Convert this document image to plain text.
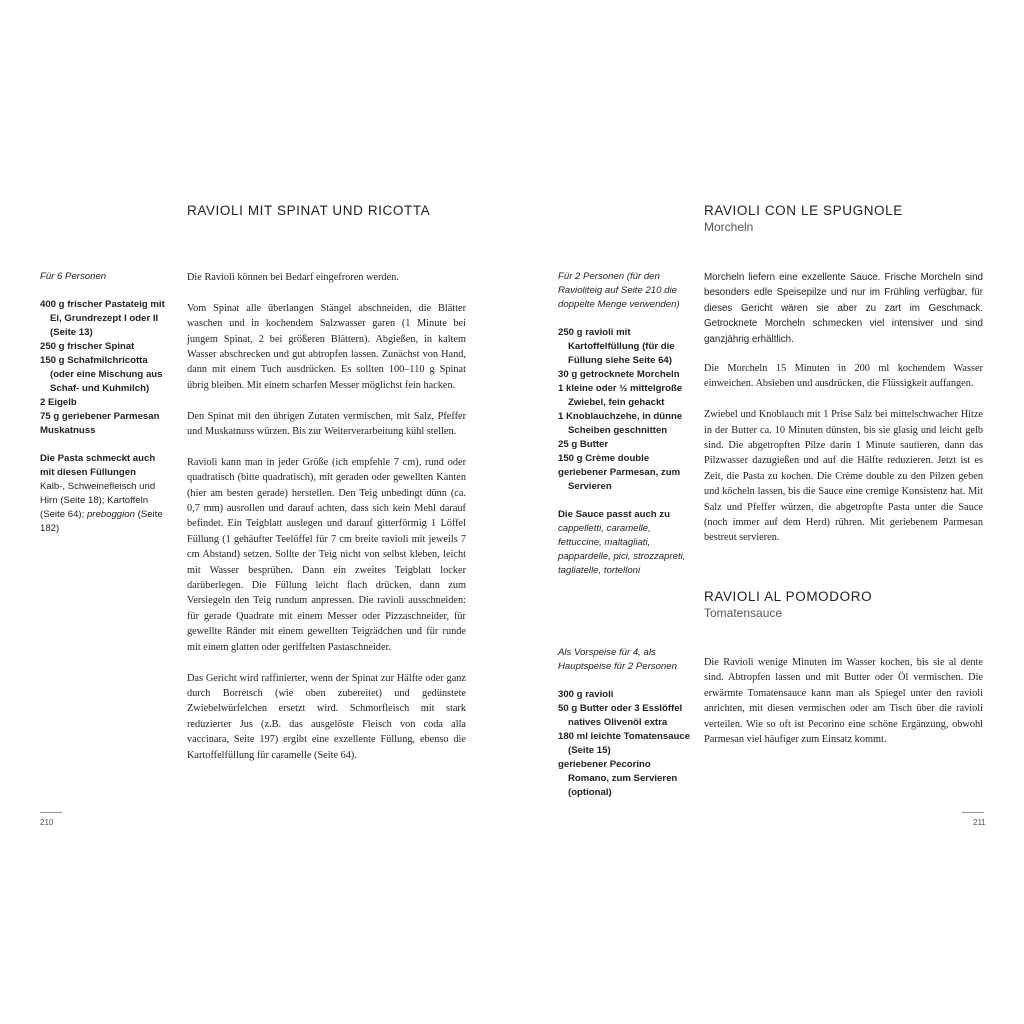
RAVIOLI MIT SPINAT UND RICOTTA
Für 6 Personen
400 g frischer Pastateig mit Ei, Grundrezept I oder II (Seite 13)
250 g frischer Spinat
150 g Schafmilchricotta (oder eine Mischung aus Schaf- und Kuhmilch)
2 Eigelb
75 g geriebener Parmesan
Muskatnuss
Die Pasta schmeckt auch mit diesen Füllungen
Kalb-, Schweinefleisch und Hirn (Seite 18); Kartoffeln (Seite 64); preboggion (Seite 182)

Die Ravioli können bei Bedarf eingefroren werden.

Vom Spinat alle überlangen Stängel abschneiden, die Blätter waschen und in kochendem Salzwasser garen (1 Minute bei jungem Spinat, 2 bei größeren Blättern). Abgießen, in kaltem Wasser abschrecken und gut abtropfen lassen. Zunächst von Hand, dann mit einem Tuch ausdrücken. Es sollten 100–110 g Spinat übrig bleiben. Mit einem scharfen Messer möglichst fein hacken.

Den Spinat mit den übrigen Zutaten vermischen, mit Salz, Pfeffer und Muskatnuss würzen. Bis zur Weiterverarbeitung kühl stellen.

Ravioli kann man in jeder Größe (ich empfehle 7 cm), rund oder quadratisch (bitte quadratisch), mit geraden oder gewellten Kanten (hier am besten gerade) herstellen. Den Teig unbedingt dünn (ca. 0,7 mm) ausrollen und darauf achten, dass sich kein Mehl darauf befindet. Ein Teigblatt auslegen und darauf gitterförmig 1 Löffel Füllung (1 gehäufter Teelöffel für 7 cm breite ravioli mit jeweils 7 cm Abstand) setzen. Sollte der Teig nicht von selbst kleben, leicht mit Wasser besprühen. Dann ein zweites Teigblatt locker darüberlegen. Die Füllung leicht flach drücken, dann zum Versiegeln den Teig rundum anpressen. Die ravioli ausschneiden: für gerade Quadrate mit einem Messer oder Pizzaschneider, für gewellte Ränder mit einem gewellten Teigrädchen und für runde mit einem glatten oder geriffelten Pastaschneider.

Das Gericht wird raffinierter, wenn der Spinat zur Hälfte oder ganz durch Borretsch (wie oben zubereitet) und gedünstete Zwiebelwürfelchen ersetzt wird. Schmorfleisch mit stark reduzierter Jus (z.B. das ausgelöste Fleisch von coda alla vaccinara, Seite 197) ergibt eine exzellente Füllung, ebenso die Kartoffelfüllung für caramelle (Seite 64).

210
RAVIOLI CON LE SPUGNOLE
Morcheln
Für 2 Personen (für den Ravioliteig auf Seite 210 die doppelte Menge verwenden)
250 g ravioli mit Kartoffelfüllung (für die Füllung siehe Seite 64)
30 g getrocknete Morcheln
1 kleine oder ½ mittelgroße Zwiebel, fein gehackt
1 Knoblauchzehe, in dünne Scheiben geschnitten
25 g Butter
150 g Crème double
geriebener Parmesan, zum Servieren
Die Sauce passt auch zu
cappelletti, caramelle, fettuccine, maltagliati, pappardelle, pici, strozzapreti, tagliatelle, tortelloni

Morcheln liefern eine exzellente Sauce. Frische Morcheln sind besonders edle Speisepilze und nur im Frühling verfügbar, für dieses Gericht wären sie aber zu zart im Geschmack. Getrocknete Morcheln schmecken viel intensiver und sind ganzjährig erhältlich.

Die Morcheln 15 Minuten in 200 ml kochendem Wasser einweichen. Absieben und ausdrücken, die Flüssigkeit auffangen.

Zwiebel und Knoblauch mit 1 Prise Salz bei mittelschwacher Hitze in der Butter ca. 10 Minuten dünsten, bis sie glasig und leicht gelb sind. Die abgetropften Pilze darin 1 Minute sautieren, dann das Pilzwasser dazugießen und auf die Hälfte reduzieren. Jetzt ist es Zeit, die Pasta zu kochen. Die Crème double zu den Pilzen geben und köcheln lassen, bis die Sauce eine cremige Konsistenz hat. Mit Salz und Pfeffer würzen, die abgetropfte Pasta unter die Sauce (noch immer auf dem Herd) rühren. Mit geriebenem Parmesan bestreut servieren.

RAVIOLI AL POMODORO
Tomatensauce
Als Vorspeise für 4, als Hauptspeise für 2 Personen
300 g ravioli
50 g Butter oder 3 Esslöffel natives Olivenöl extra
180 ml leichte Tomatensauce (Seite 15)
geriebener Pecorino Romano, zum Servieren (optional)

Die Ravioli wenige Minuten im Wasser kochen, bis sie al dente sind. Abtropfen lassen und mit Butter oder Öl vermischen. Die erwärmte Tomatensauce kann man als Spiegel unter den ravioli anrichten, mit diesen vermischen oder am Tisch über die ravioli verteilen. Wie so oft ist Pecorino eine schöne Ergänzung, obwohl Parmesan viel häufiger zum Einsatz kommt.

211
